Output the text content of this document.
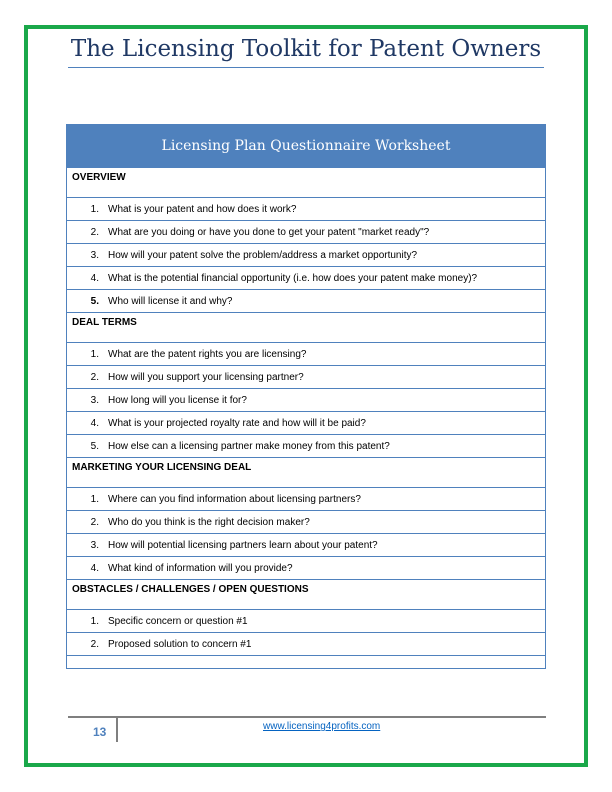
The Licensing Toolkit for Patent Owners
Licensing Plan Questionnaire Worksheet
OVERVIEW
1. What is your patent and how does it work?
2. What are you doing or have you done to get your patent "market ready"?
3. How will your patent solve the problem/address a market opportunity?
4. What is the potential financial opportunity (i.e. how does your patent make money)?
5. Who will license it and why?
DEAL TERMS
1. What are the patent rights you are licensing?
2. How will you support your licensing partner?
3. How long will you license it for?
4. What is your projected royalty rate and how will it be paid?
5. How else can a licensing partner make money from this patent?
MARKETING YOUR LICENSING DEAL
1. Where can you find information about licensing partners?
2. Who do you think is the right decision maker?
3. How will potential licensing partners learn about your patent?
4. What kind of information will you provide?
OBSTACLES / CHALLENGES / OPEN QUESTIONS
1. Specific concern or question #1
2. Proposed solution to concern #1
13	www.licensing4profits.com
